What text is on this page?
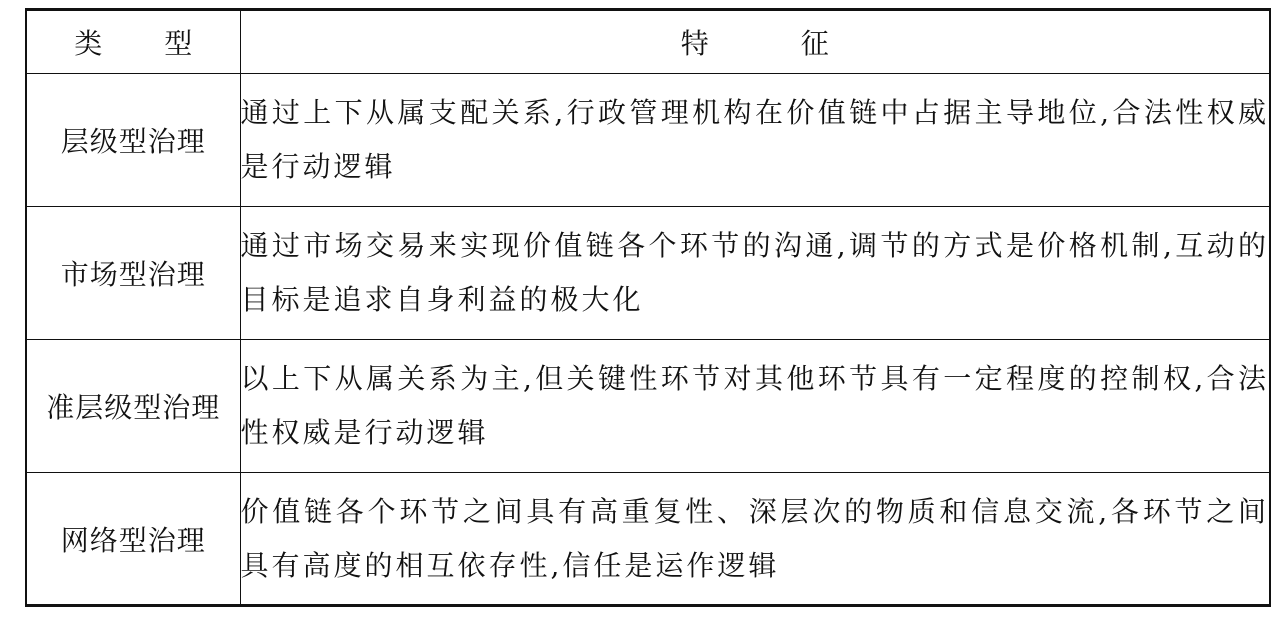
类 型	特 征
层级型治理	通过上下从属支配关系,行政管理机构在价值链中占据主导地位,合法性权威是行动逻辑
市场型治理	通过市场交易来实现价值链各个环节的沟通,调节的方式是价格机制,互动的目标是追求自身利益的极大化
准层级型治理	以上下从属关系为主,但关键性环节对其他环节具有一定程度的控制权,合法性权威是行动逻辑
网络型治理	价值链各个环节之间具有高重复性、深层次的物质和信息交流,各环节之间具有高度的相互依存性,信任是运作逻辑
